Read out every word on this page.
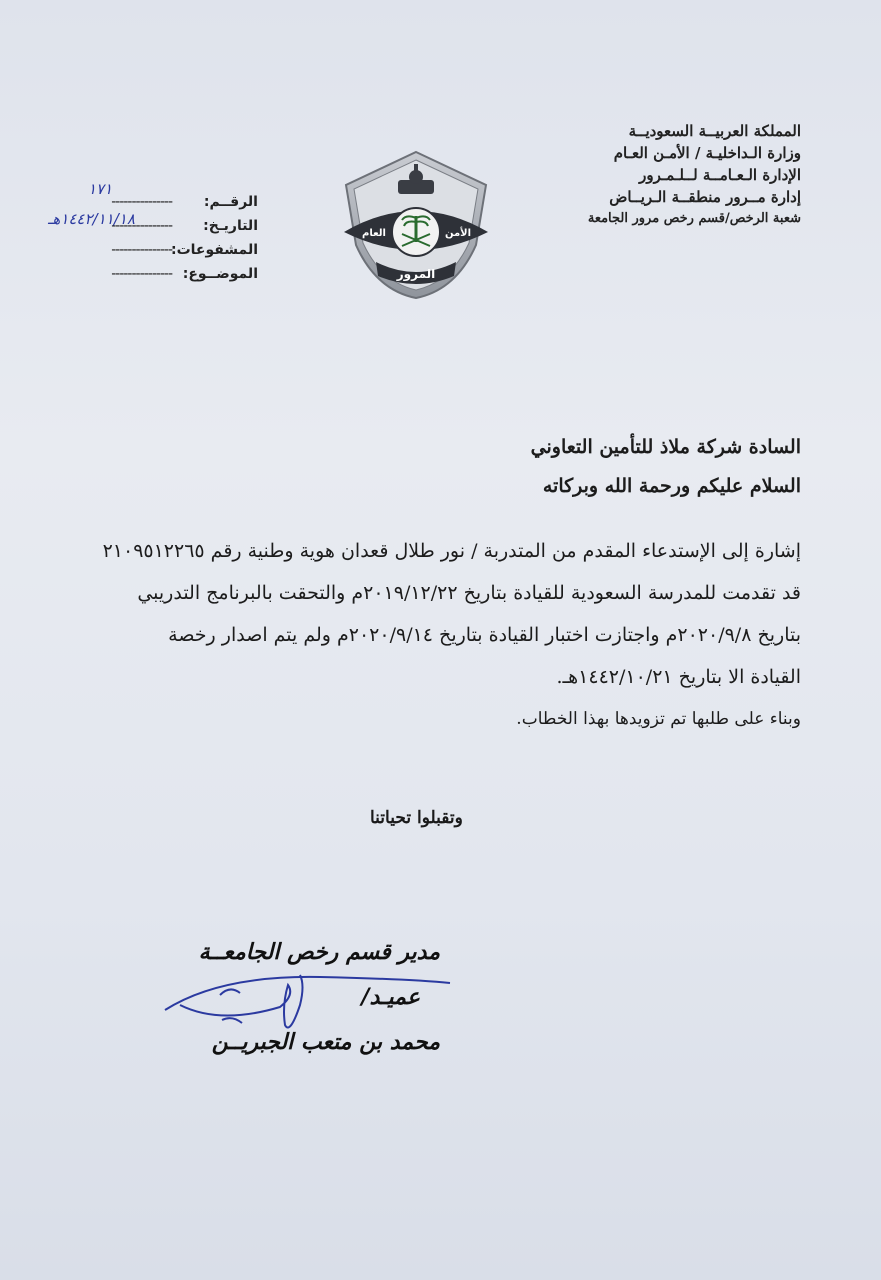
المملكة العربيــة السعوديــة
وزارة الـداخليـة / الأمـن العـام
الإدارة الـعـامــة لــلـمـرور
إدارة مــرور منطقــة الـريــاض
شعبة الرخص/قسم رخص مرور الجامعة
العام	الأمن
المرور
الرقــم:
---------------
التاريـخ:
---------------
المشفوعات:
---------------
الموضــوع:
---------------
١٧١
١٤٤٢/١١/١٨هـ
السادة شركة ملاذ للتأمين التعاوني
السلام عليكم ورحمة الله وبركاته
إشارة إلى الإستدعاء المقدم من المتدربة / نور طلال قعدان هوية وطنية رقم ٢١٠٩٥١٢٢٦٥
قد تقدمت للمدرسة السعودية للقيادة بتاريخ ٢٠١٩/١٢/٢٢م والتحقت بالبرنامج التدريبي
بتاريخ ٢٠٢٠/٩/٨م واجتازت اختبار القيادة بتاريخ ٢٠٢٠/٩/١٤م ولم يتم اصدار رخصة
القيادة الا بتاريخ ١٤٤٢/١٠/٢١هـ.
وبناء على طلبها تم تزويدها بهذا الخطاب.
وتقبلوا تحياتنا
مدير قسم رخص الجامعــة
عميـد/
محمد بن متعب الجبريــن
